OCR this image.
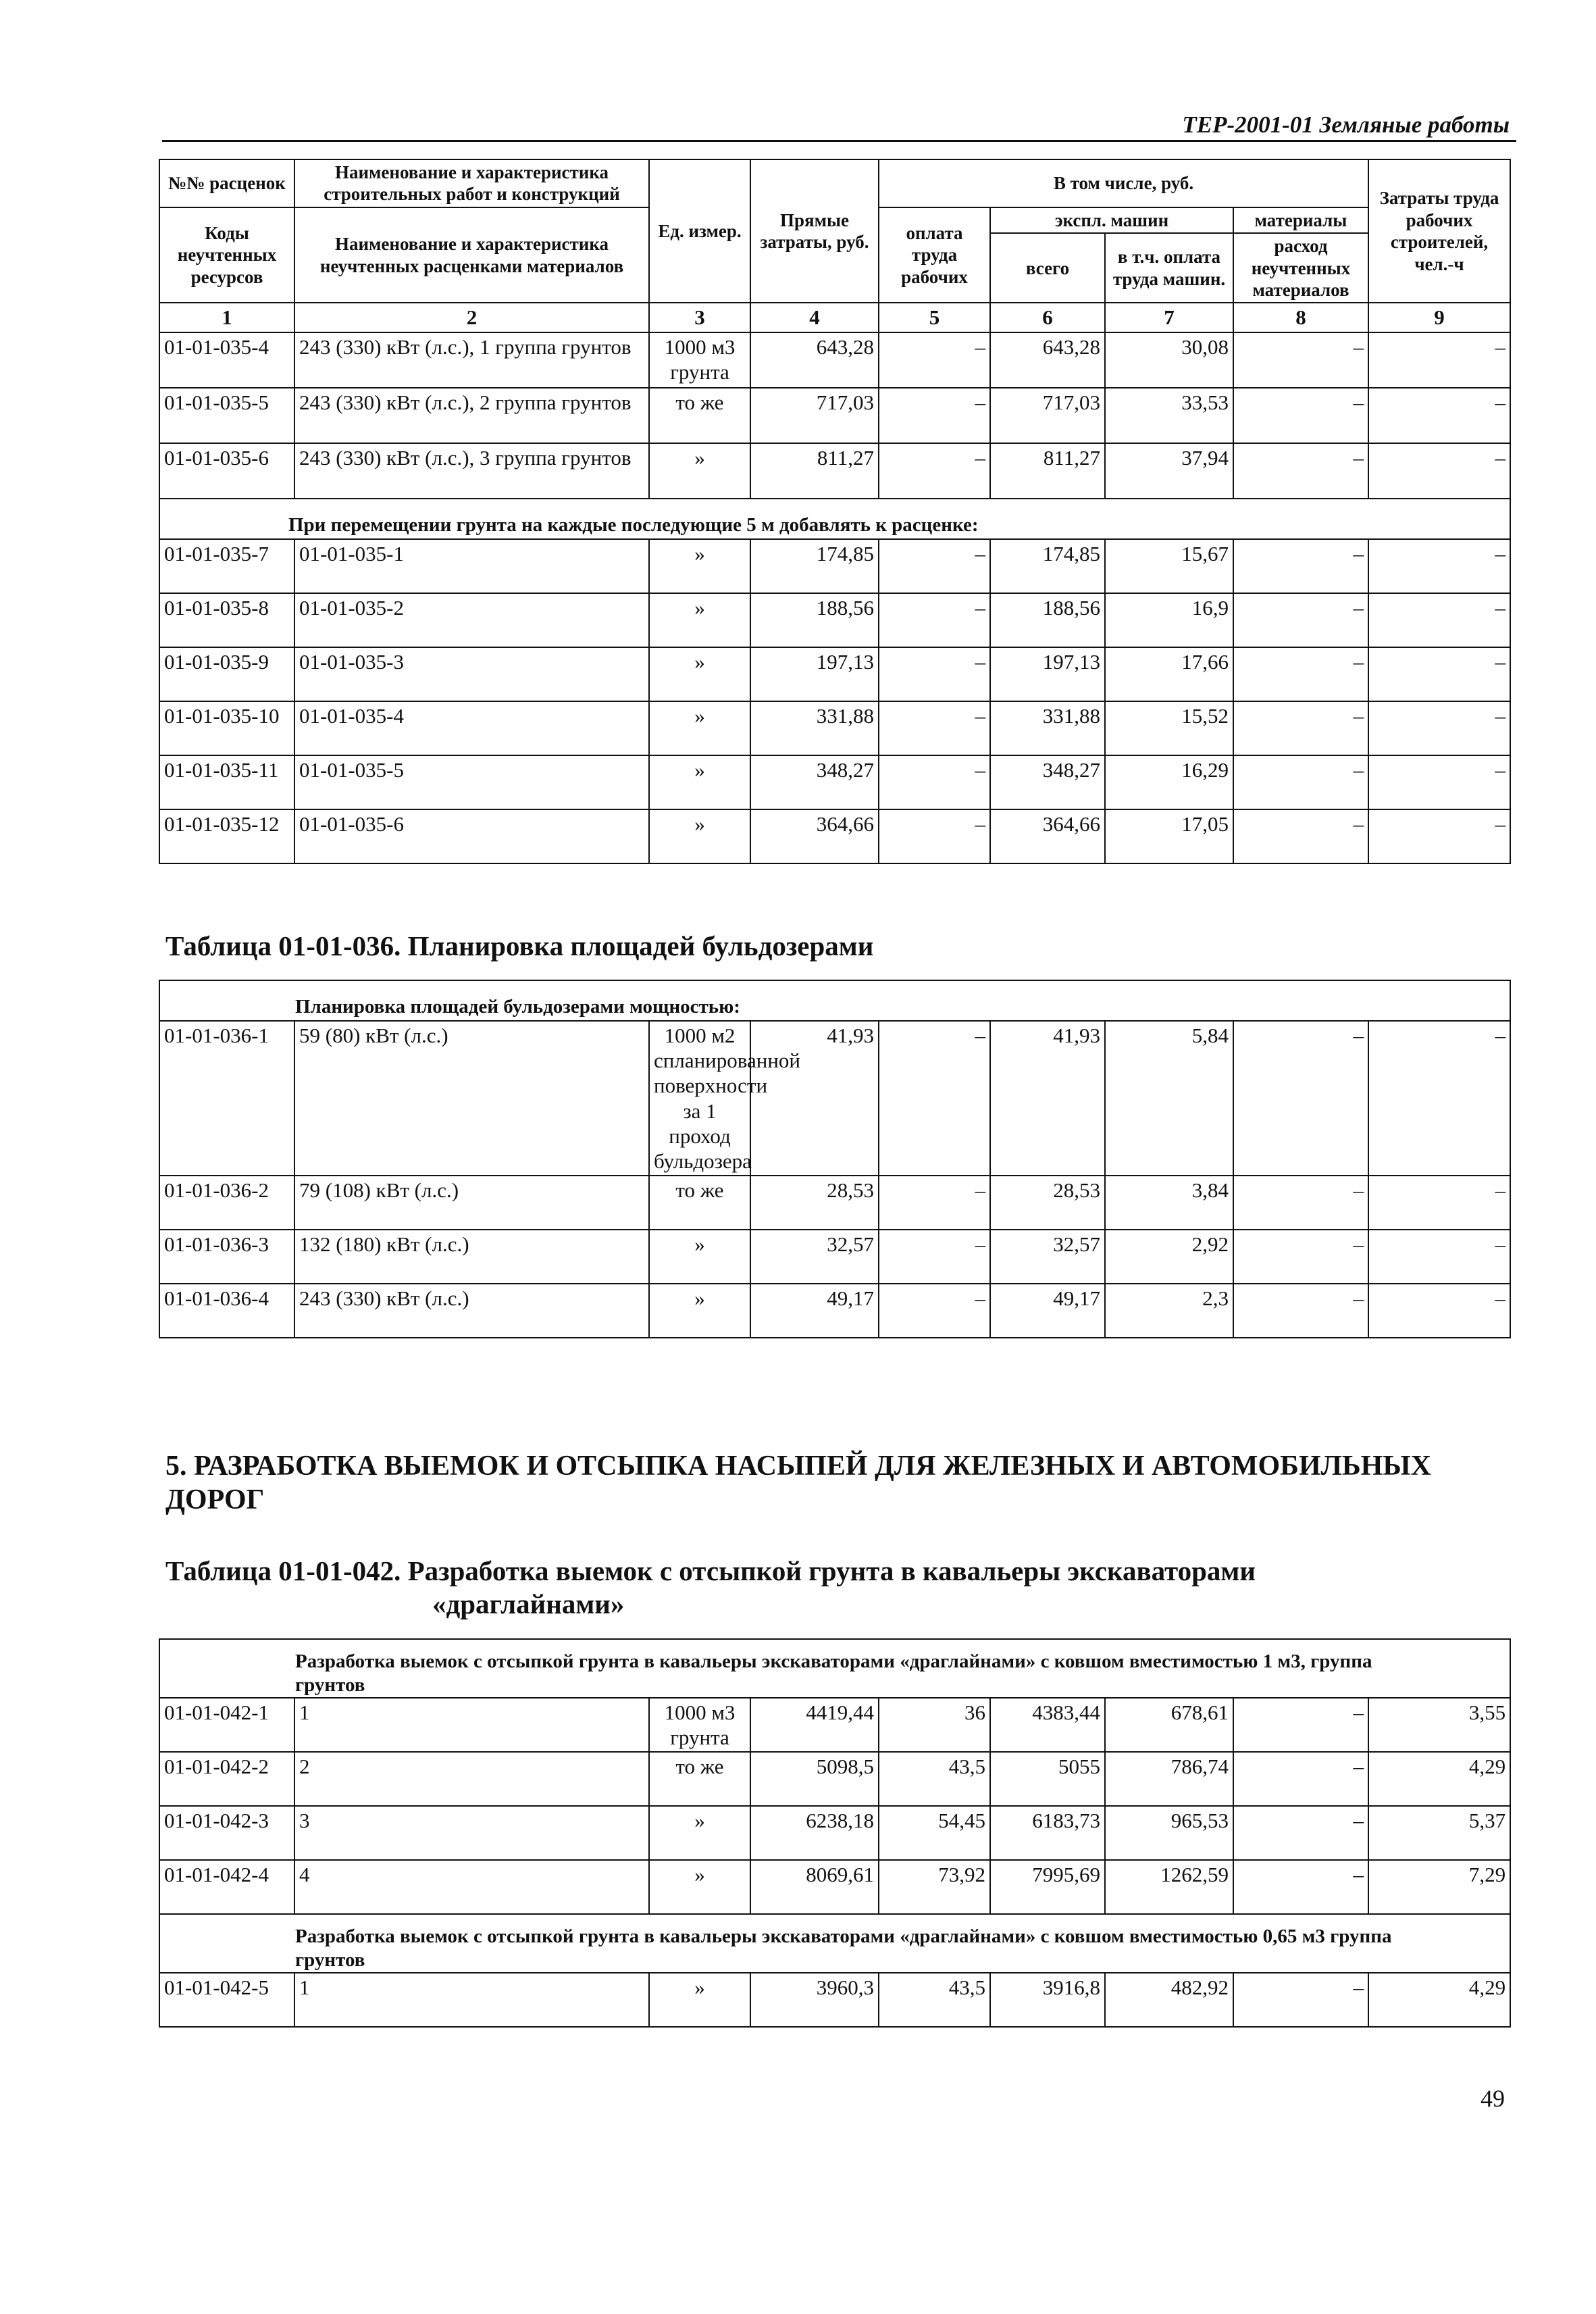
ТЕР-2001-01 Земляные работы
№№ расценок	Наименование и характеристика строительных работ и конструкций	Ед. измер.	Прямые затраты, руб.	В том числе, руб.				Затраты труда рабочих строителей, чел.-ч
Коды неучтенных ресурсов	Наименование и характеристика неучтенных расценками материалов			оплата труда рабочих	экспл. машин		материалы	
					всего	в т.ч. оплата труда машин.	расход неучтенных материалов	
1	2	3	4	5	6	7	8	9
01-01-035-4	243 (330) кВт (л.с.), 1 группа грунтов	1000 м3 грунта	643,28	–	643,28	30,08	–	–
01-01-035-5	243 (330) кВт (л.с.), 2 группа грунтов	то же	717,03	–	717,03	33,53	–	–
01-01-035-6	243 (330) кВт (л.с.), 3 группа грунтов	»	811,27	–	811,27	37,94	–	–
При перемещении грунта на каждые последующие 5 м добавлять к расценке:								
01-01-035-7	01-01-035-1	»	174,85	–	174,85	15,67	–	–
01-01-035-8	01-01-035-2	»	188,56	–	188,56	16,9	–	–
01-01-035-9	01-01-035-3	»	197,13	–	197,13	17,66	–	–
01-01-035-10	01-01-035-4	»	331,88	–	331,88	15,52	–	–
01-01-035-11	01-01-035-5	»	348,27	–	348,27	16,29	–	–
01-01-035-12	01-01-035-6	»	364,66	–	364,66	17,05	–	–
Таблица 01-01-036. Планировка площадей бульдозерами
Планировка площадей бульдозерами мощностью:								
01-01-036-1	59 (80) кВт (л.с.)	1000 м2 спланированной поверхности за 1 проход бульдозера	41,93	–	41,93	5,84	–	–
01-01-036-2	79 (108) кВт (л.с.)	то же	28,53	–	28,53	3,84	–	–
01-01-036-3	132 (180) кВт (л.с.)	»	32,57	–	32,57	2,92	–	–
01-01-036-4	243 (330) кВт (л.с.)	»	49,17	–	49,17	2,3	–	–
5. РАЗРАБОТКА ВЫЕМОК И ОТСЫПКА НАСЫПЕЙ ДЛЯ ЖЕЛЕЗНЫХ И АВТОМОБИЛЬНЫХ ДОРОГ
Таблица 01-01-042. Разработка выемок с отсыпкой грунта в кавальеры экскаваторами
«драглайнами»
Разработка выемок с отсыпкой грунта в кавальеры экскаваторами «драглайнами» с ковшом вместимостью 1 м3, группа грунтов								
01-01-042-1	1	1000 м3 грунта	4419,44	36	4383,44	678,61	–	3,55
01-01-042-2	2	то же	5098,5	43,5	5055	786,74	–	4,29
01-01-042-3	3	»	6238,18	54,45	6183,73	965,53	–	5,37
01-01-042-4	4	»	8069,61	73,92	7995,69	1262,59	–	7,29
Разработка выемок с отсыпкой грунта в кавальеры экскаваторами «драглайнами» с ковшом вместимостью 0,65 м3 группа грунтов								
01-01-042-5	1	»	3960,3	43,5	3916,8	482,92	–	4,29
49
